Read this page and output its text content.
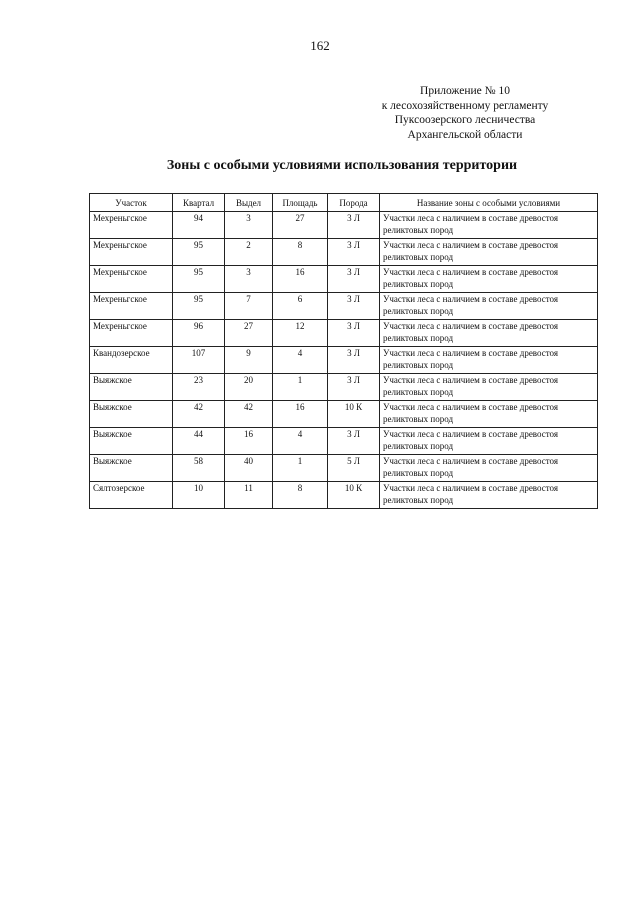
162
Приложение № 10
к лесохозяйственному регламенту
Пуксоозерского лесничества
Архангельской области
Зоны с особыми условиями использования территории
Участок	Квартал	Выдел	Площадь	Порода	Название зоны с особыми условиями
Мехреньгское	94	3	27	3 Л	Участки леса с наличием в составе древостоя реликтовых пород
Мехреньгское	95	2	8	3 Л	Участки леса с наличием в составе древостоя реликтовых пород
Мехреньгское	95	3	16	3 Л	Участки леса с наличием в составе древостоя реликтовых пород
Мехреньгское	95	7	6	3 Л	Участки леса с наличием в составе древостоя реликтовых пород
Мехреньгское	96	27	12	3 Л	Участки леса с наличием в составе древостоя реликтовых пород
Квандозерское	107	9	4	3 Л	Участки леса с наличием в составе древостоя реликтовых пород
Выяжское	23	20	1	3 Л	Участки леса с наличием в составе древостоя реликтовых пород
Выяжское	42	42	16	10 К	Участки леса с наличием в составе древостоя реликтовых пород
Выяжское	44	16	4	3 Л	Участки леса с наличием в составе древостоя реликтовых пород
Выяжское	58	40	1	5 Л	Участки леса с наличием в составе древостоя реликтовых пород
Сялтозерское	10	11	8	10 К	Участки леса с наличием в составе древостоя реликтовых пород
